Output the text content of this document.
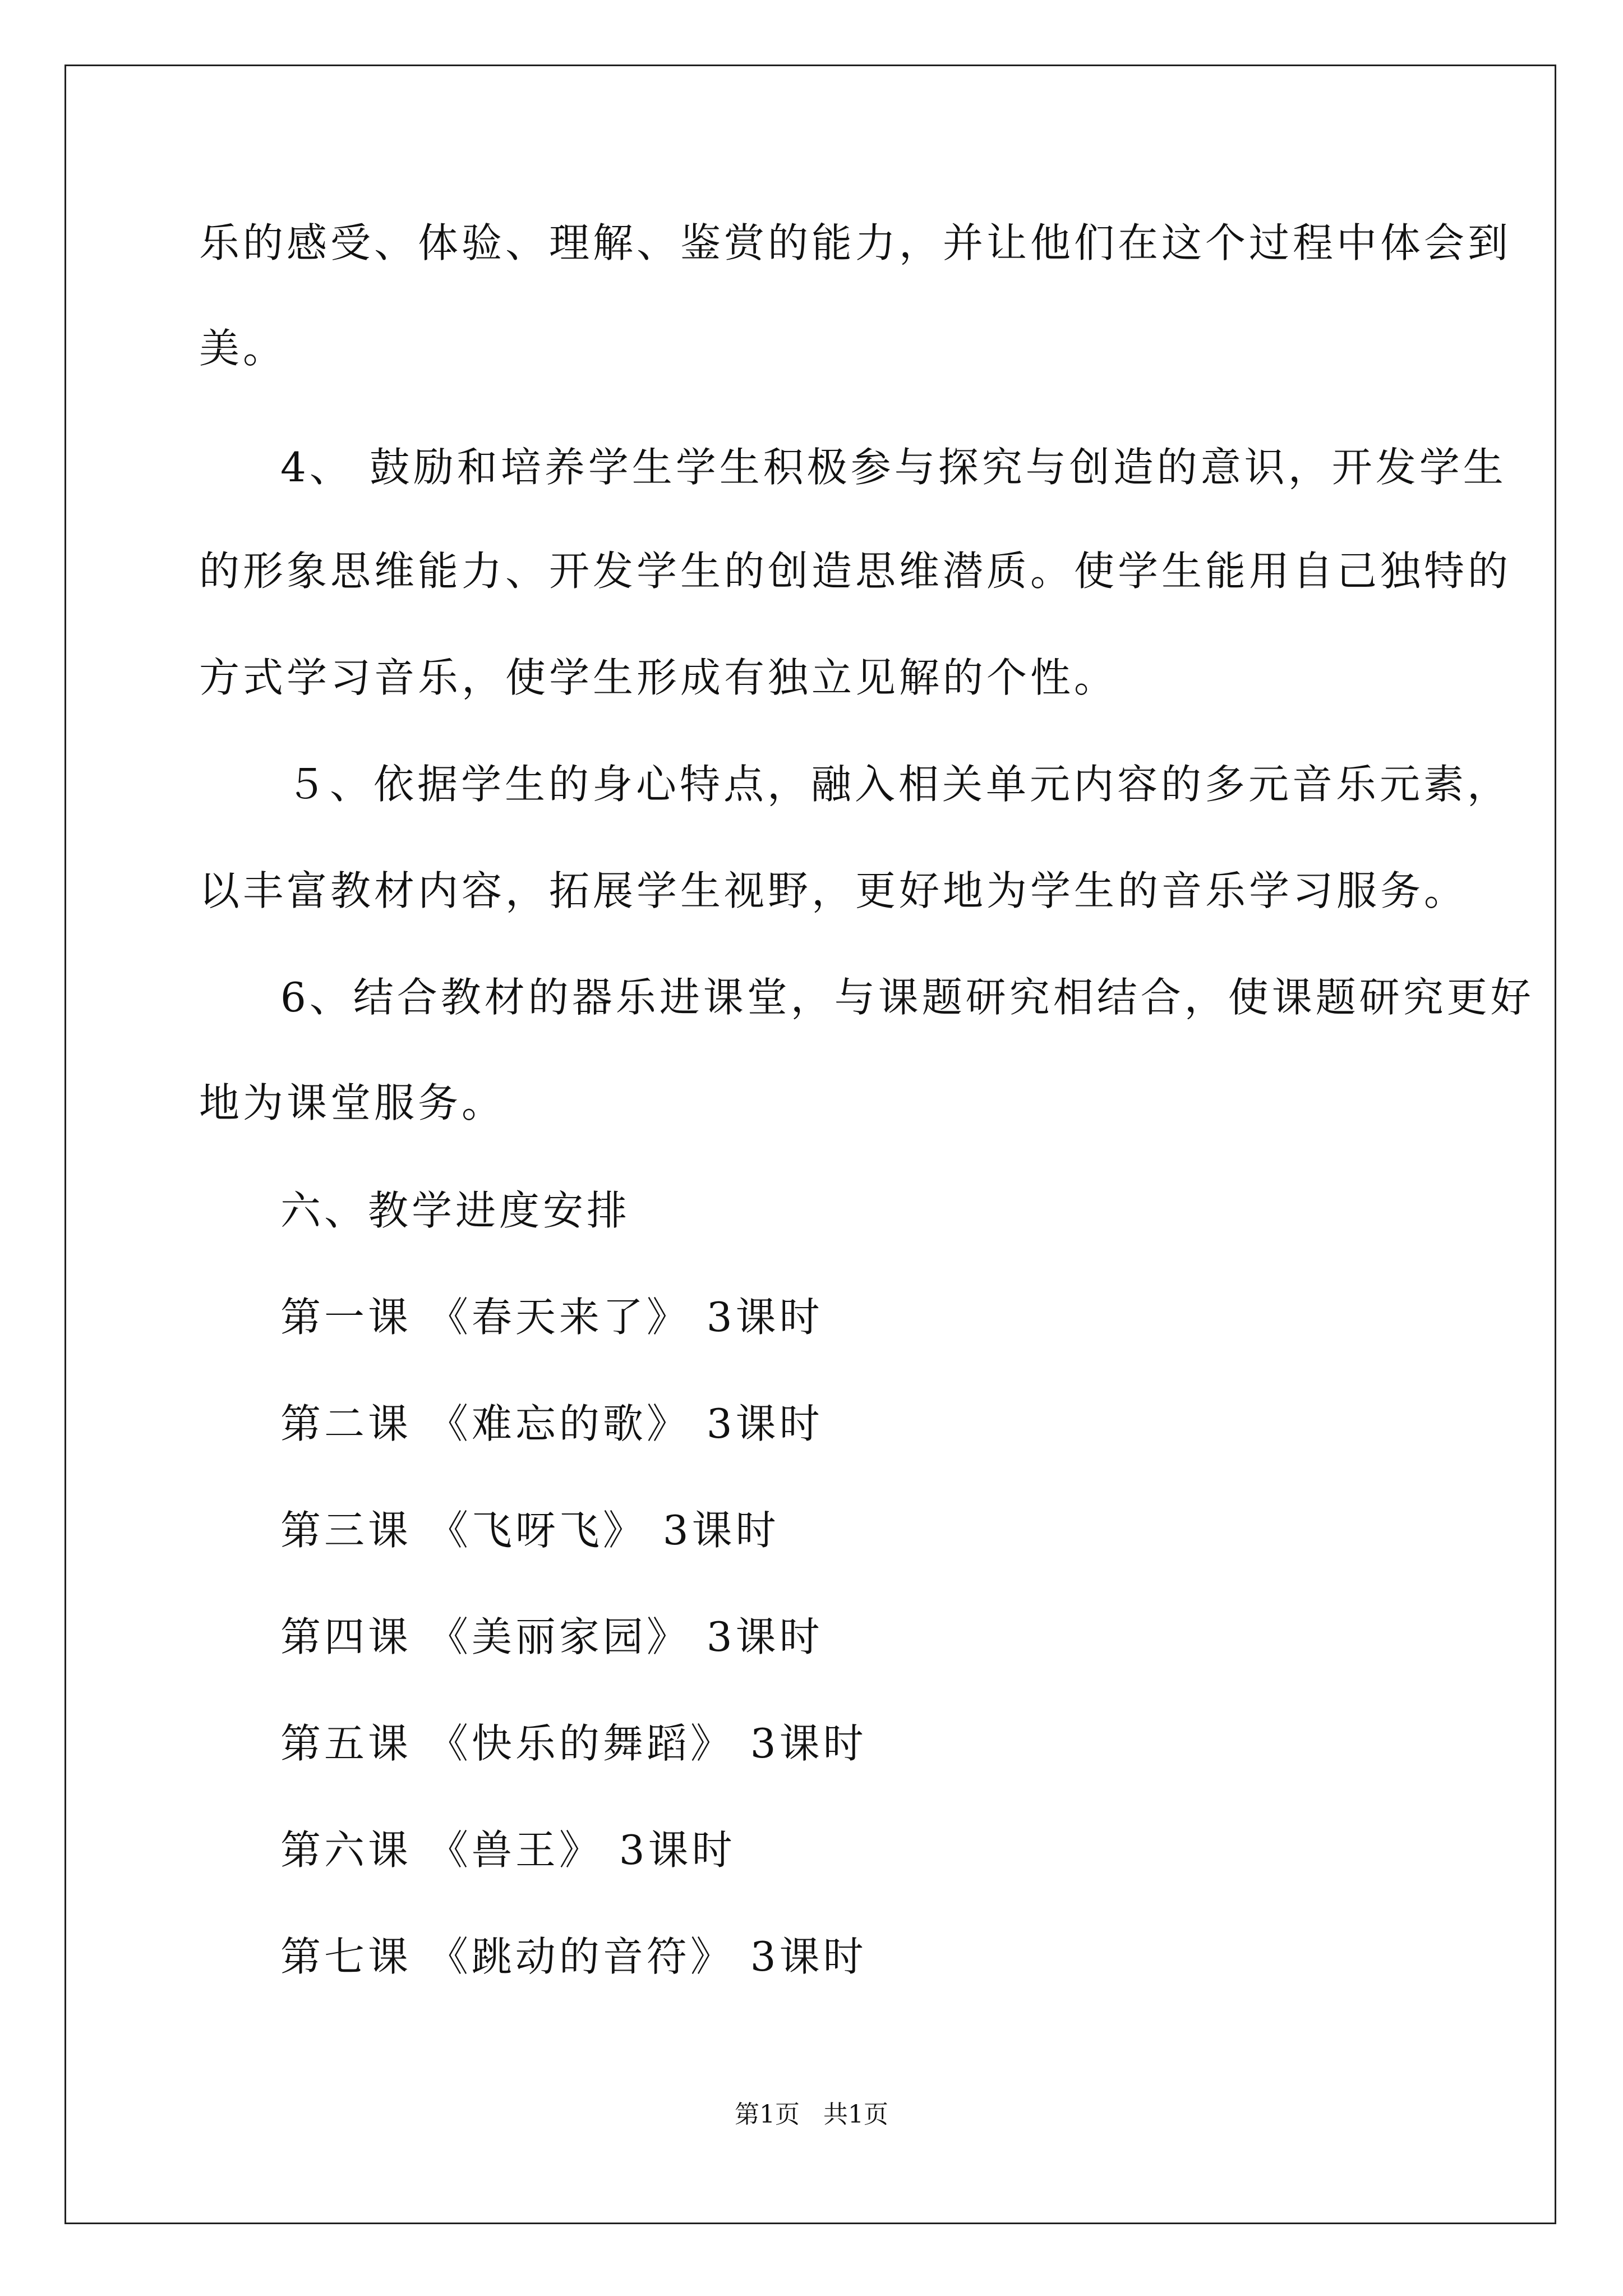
乐的感受、体验、理解、鉴赏的能力，并让他们在这个过程中体会到
美。
4、 鼓励和培养学生学生积极参与探究与创造的意识，开发学生
的形象思维能力、开发学生的创造思维潜质。使学生能用自己独特的
方式学习音乐，使学生形成有独立见解的个性。
５、依据学生的身心特点，融入相关单元内容的多元音乐元素，
以丰富教材内容，拓展学生视野，更好地为学生的音乐学习服务。
6、结合教材的器乐进课堂，与课题研究相结合，使课题研究更好
地为课堂服务。
六、教学进度安排
第一课 《春天来了》 3课时
第二课 《难忘的歌》 3课时
第三课 《飞呀飞》 3课时
第四课 《美丽家园》 3课时
第五课 《快乐的舞蹈》 3课时
第六课 《兽王》 3课时
第七课 《跳动的音符》 3课时
第1页   共1页
